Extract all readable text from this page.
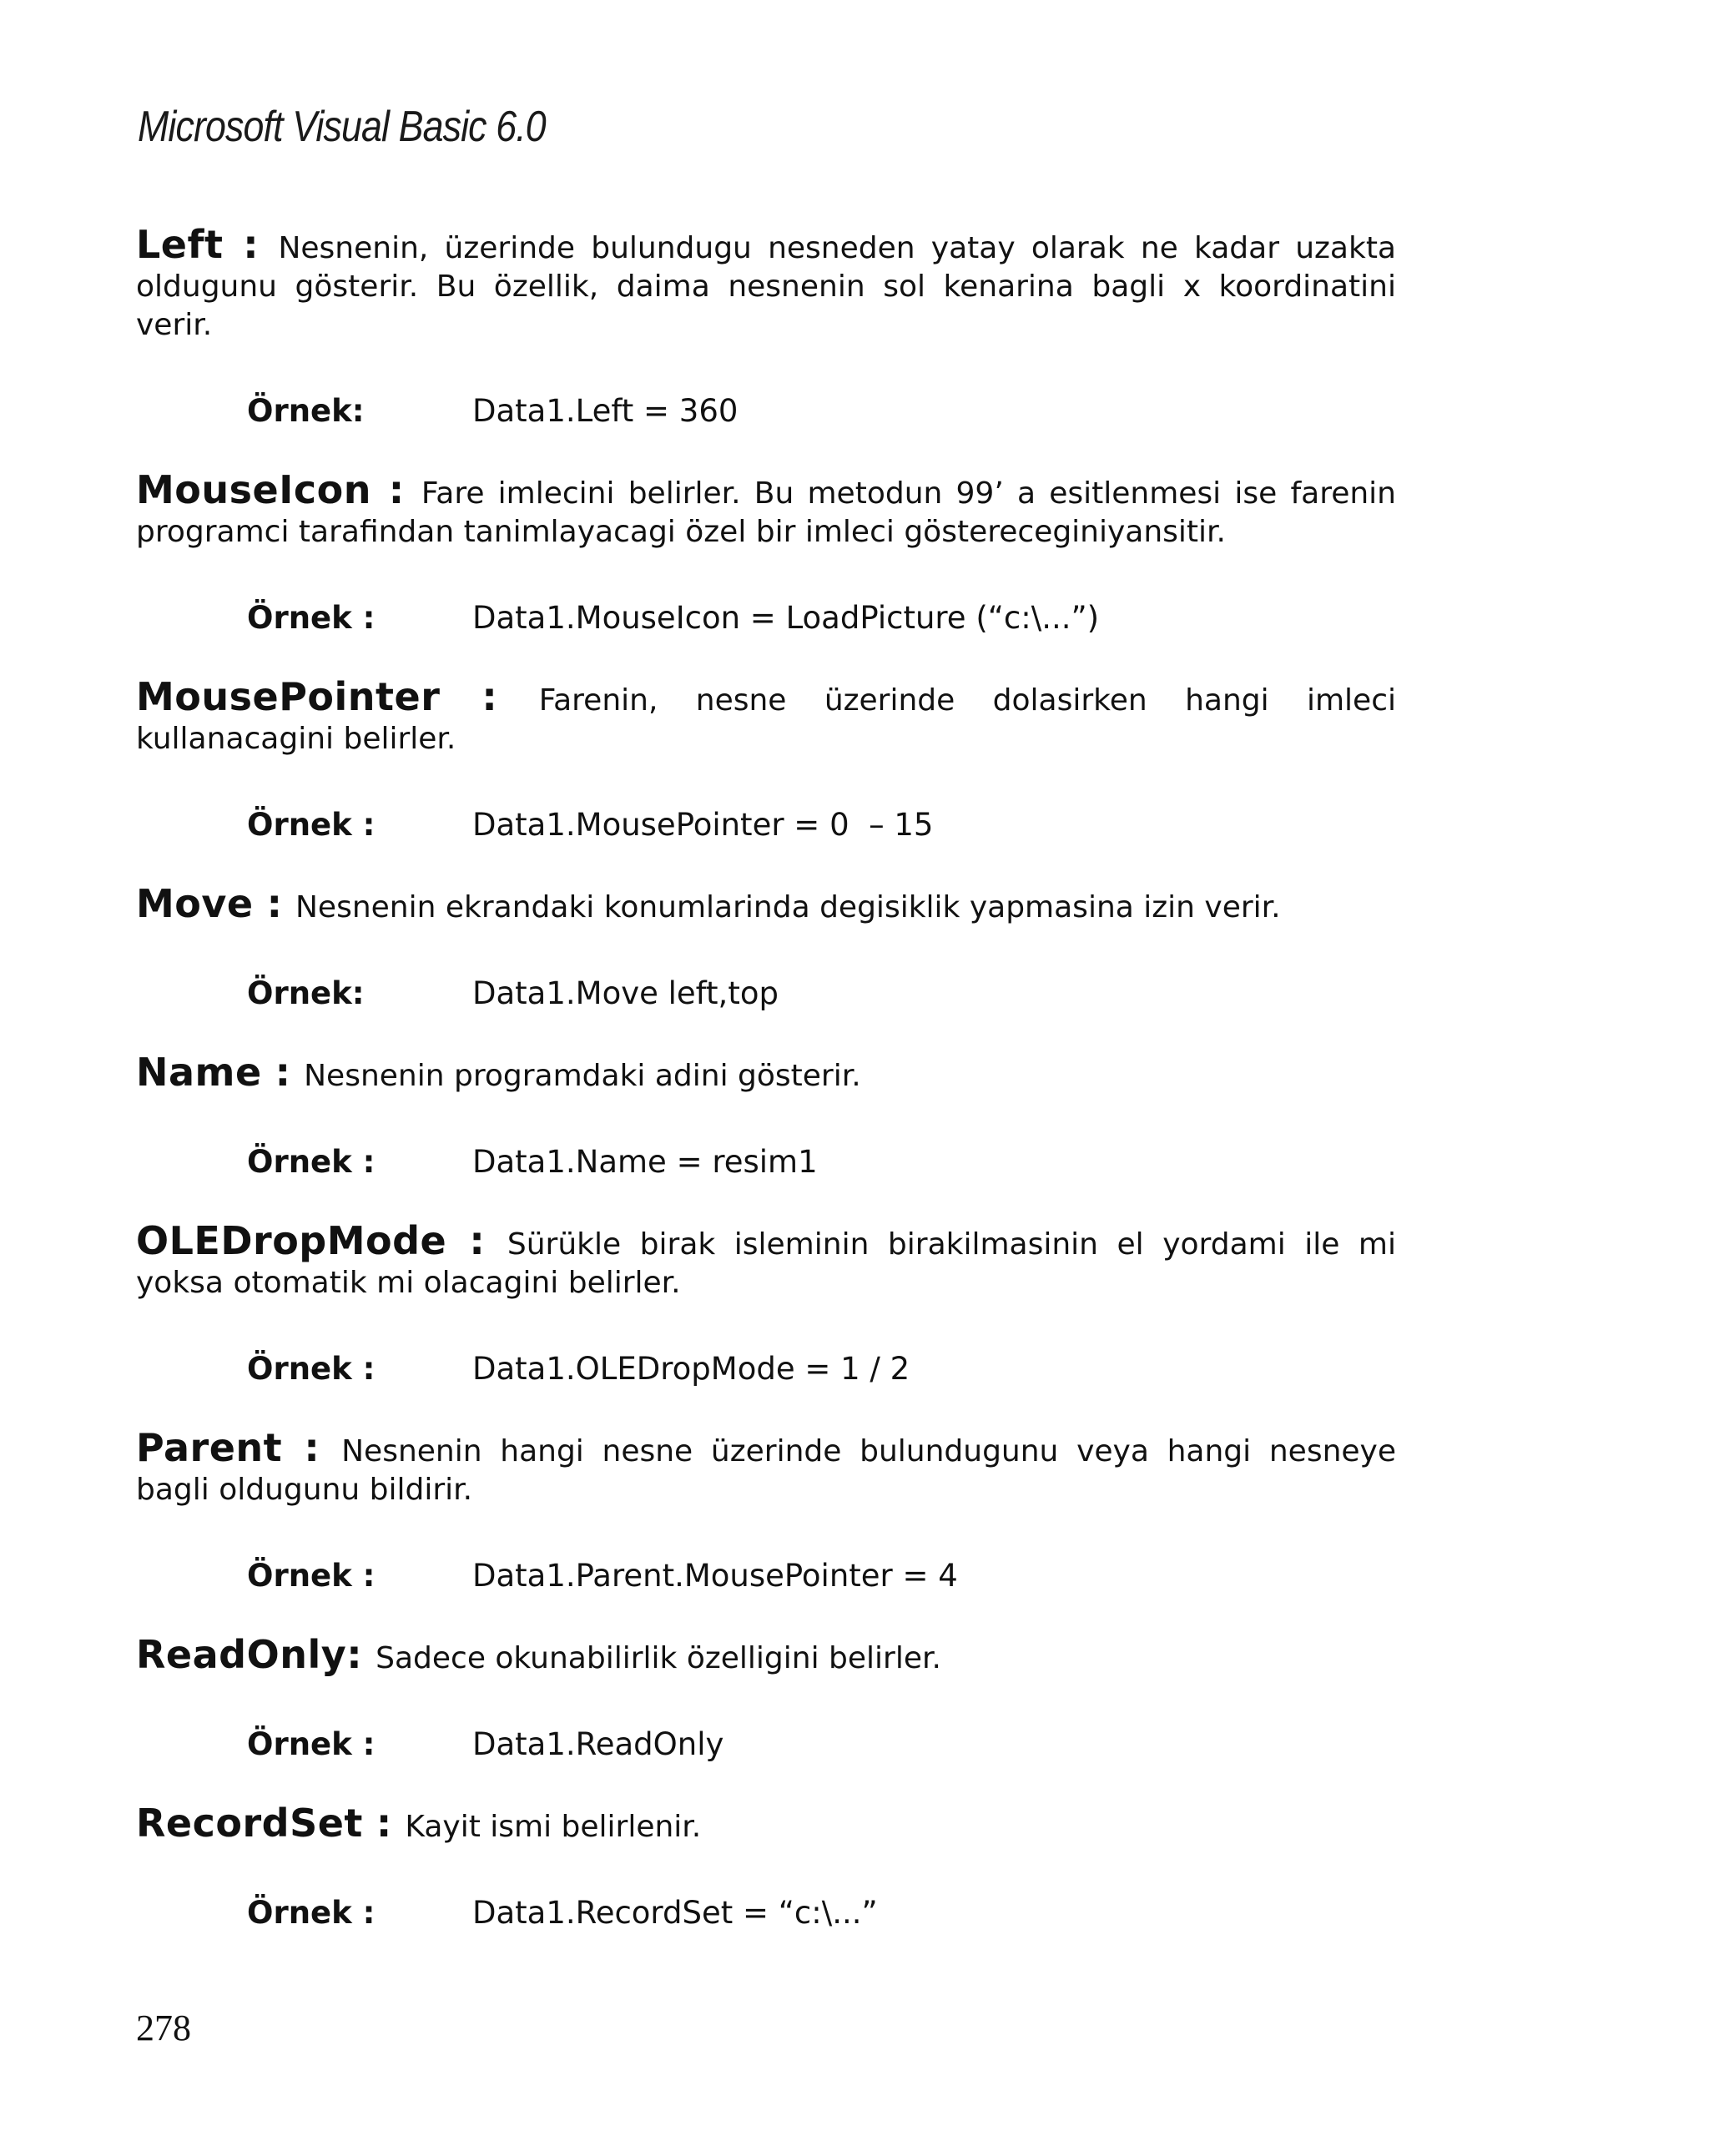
Microsoft Visual Basic 6.0

Left : Nesnenin, üzerinde bulundugu nesneden yatay olarak ne kadar uzakta oldugunu gösterir. Bu özellik, daima nesnenin sol kenarina bagli x koordinatini verir.

Örnek:	Data1.Left = 360

MouseIcon : Fare imlecini belirler. Bu metodun 99’ a esitlenmesi ise farenin programci tarafindan tanimlayacagi özel bir imleci göstereceginiyansitir.

Örnek :	Data1.MouseIcon = LoadPicture (“c:\...”)

MousePointer : Farenin, nesne üzerinde dolasirken hangi imleci kullanacagini belirler.

Örnek :	Data1.MousePointer = 0  – 15

Move : Nesnenin ekrandaki konumlarinda degisiklik yapmasina izin verir.

Örnek:	Data1.Move left,top

Name : Nesnenin programdaki adini gösterir.

Örnek :	Data1.Name = resim1

OLEDropMode : Sürükle birak isleminin birakilmasinin el yordami ile mi yoksa otomatik mi olacagini belirler.

Örnek :	Data1.OLEDropMode = 1 / 2

Parent : Nesnenin hangi nesne üzerinde bulundugunu veya hangi nesneye bagli oldugunu bildirir.

Örnek :	Data1.Parent.MousePointer = 4

ReadOnly: Sadece okunabilirlik özelligini belirler.

Örnek :	Data1.ReadOnly

RecordSet : Kayit ismi belirlenir.

Örnek :	Data1.RecordSet = “c:\...”
278
